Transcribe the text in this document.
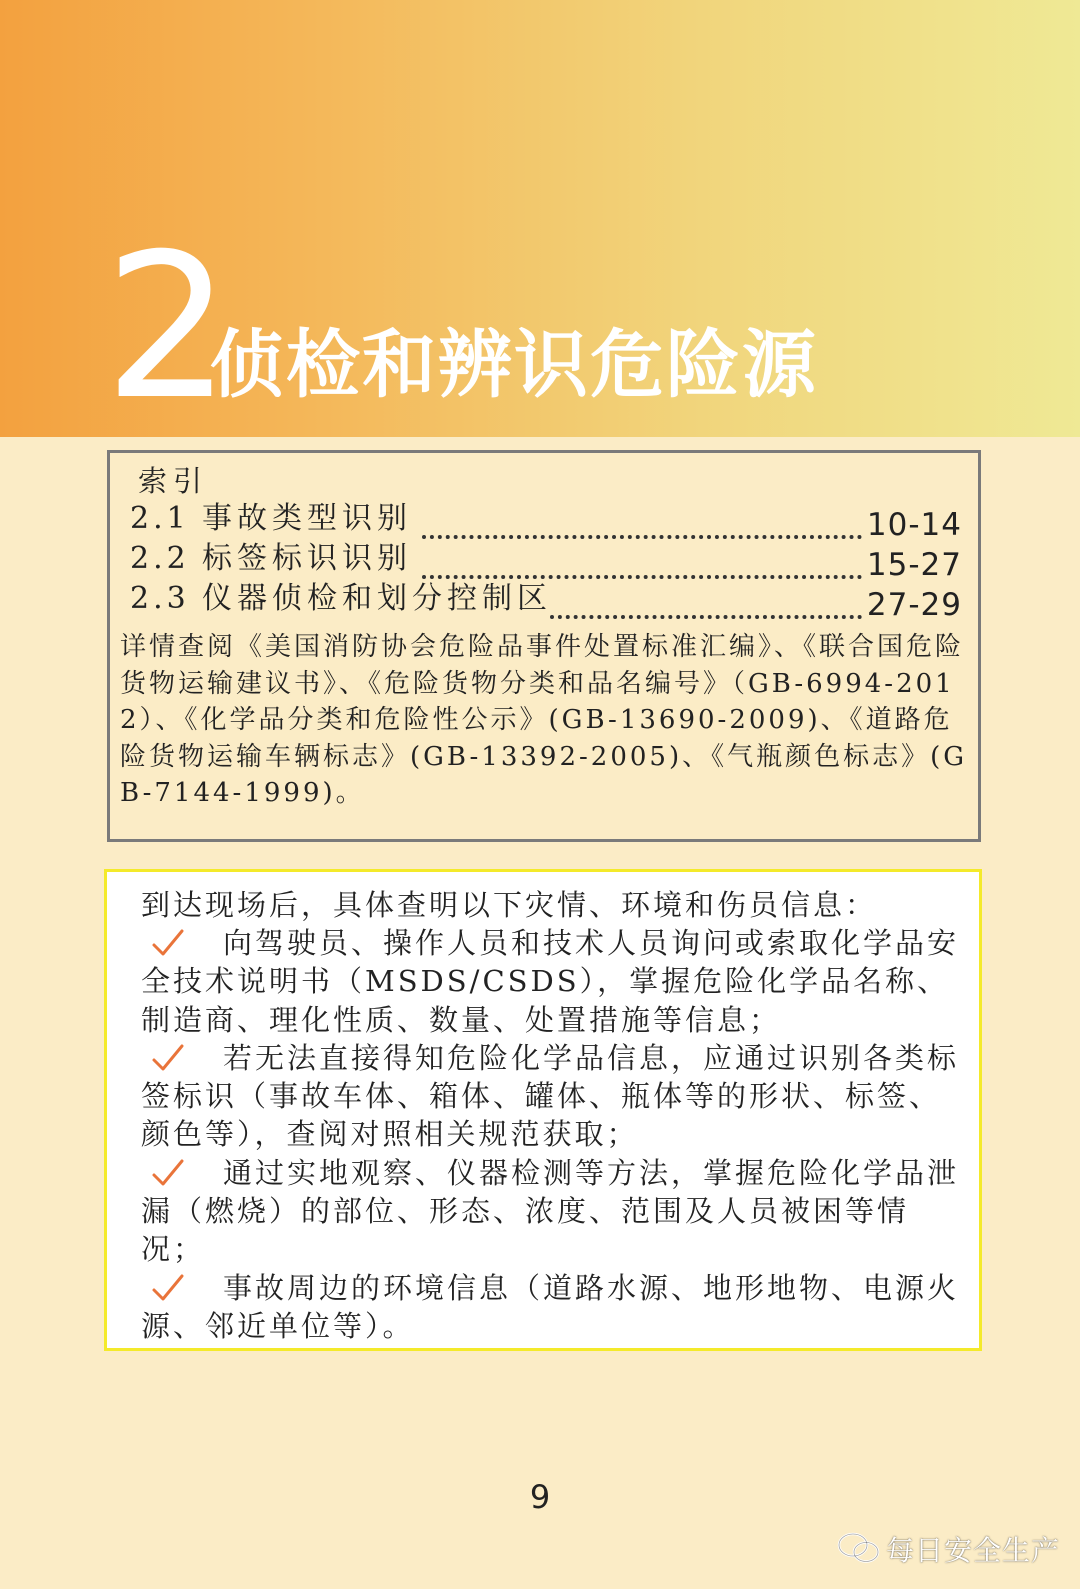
2
侦检和辨识危险源
索引
2.1 事故类型识别	10-14
2.2 标签标识识别	15-27
2.3 仪器侦检和划分控制区	27-29
详情查阅《美国消防协会危险品事件处置标准汇编》、《联合国危险货物运输建议书》、《危险货物分类和品名编号》（GB-6994-2012）、《化学品分类和危险性公示》(GB-13690-2009)、《道路危险货物运输车辆标志》(GB-13392-2005)、《气瓶颜色标志》(GB-7144-1999)。

到达现场后，具体查明以下灾情、环境和伤员信息：

向驾驶员、操作人员和技术人员询问或索取化学品安全技术说明书（MSDS/CSDS），掌握危险化学品名称、制造商、理化性质、数量、处置措施等信息；

若无法直接得知危险化学品信息，应通过识别各类标签标识（事故车体、箱体、罐体、瓶体等的形状、标签、颜色等），查阅对照相关规范获取；

通过实地观察、仪器检测等方法，掌握危险化学品泄漏（燃烧）的部位、形态、浓度、范围及人员被困等情况；

事故周边的环境信息（道路水源、地形地物、电源火源、邻近单位等）。

9
每日安全生产
